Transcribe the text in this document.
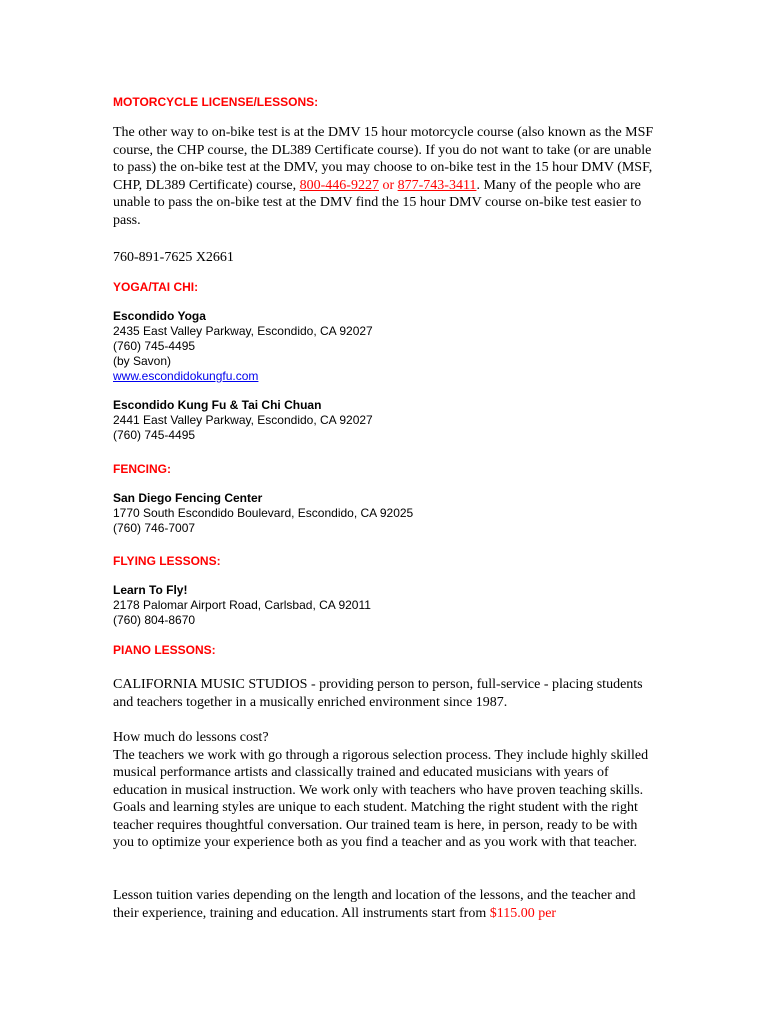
MOTORCYCLE LICENSE/LESSONS:
The other way to on-bike test is at the DMV 15 hour motorcycle course (also known as the MSF course, the CHP course, the DL389 Certificate course). If you do not want to take (or are unable to pass) the on-bike test at the DMV, you may choose to on-bike test in the 15 hour DMV (MSF, CHP, DL389 Certificate) course, 800-446-9227 or 877-743-3411. Many of the people who are unable to pass the on-bike test at the DMV find the 15 hour DMV course on-bike test easier to pass.
760-891-7625 X2661
YOGA/TAI CHI:
Escondido Yoga
2435 East Valley Parkway, Escondido, CA 92027
(760) 745-4495
(by Savon)
www.escondidokungfu.com
Escondido Kung Fu & Tai Chi Chuan
2441 East Valley Parkway, Escondido, CA 92027
(760) 745-4495
FENCING:
San Diego Fencing Center
1770 South Escondido Boulevard, Escondido, CA 92025
(760) 746-7007
FLYING LESSONS:
Learn To Fly!
2178 Palomar Airport Road, Carlsbad, CA 92011
(760) 804-8670
PIANO LESSONS:
CALIFORNIA MUSIC STUDIOS - providing person to person, full-service - placing students and teachers together in a musically enriched environment since 1987.
How much do lessons cost?
The teachers we work with go through a rigorous selection process. They include highly skilled musical performance artists and classically trained and educated musicians with years of education in musical instruction. We work only with teachers who have proven teaching skills. Goals and learning styles are unique to each student. Matching the right student with the right teacher requires thoughtful conversation. Our trained team is here, in person, ready to be with you to optimize your experience both as you find a teacher and as you work with that teacher.
Lesson tuition varies depending on the length and location of the lessons, and the teacher and their experience, training and education. All instruments start from $115.00 per
